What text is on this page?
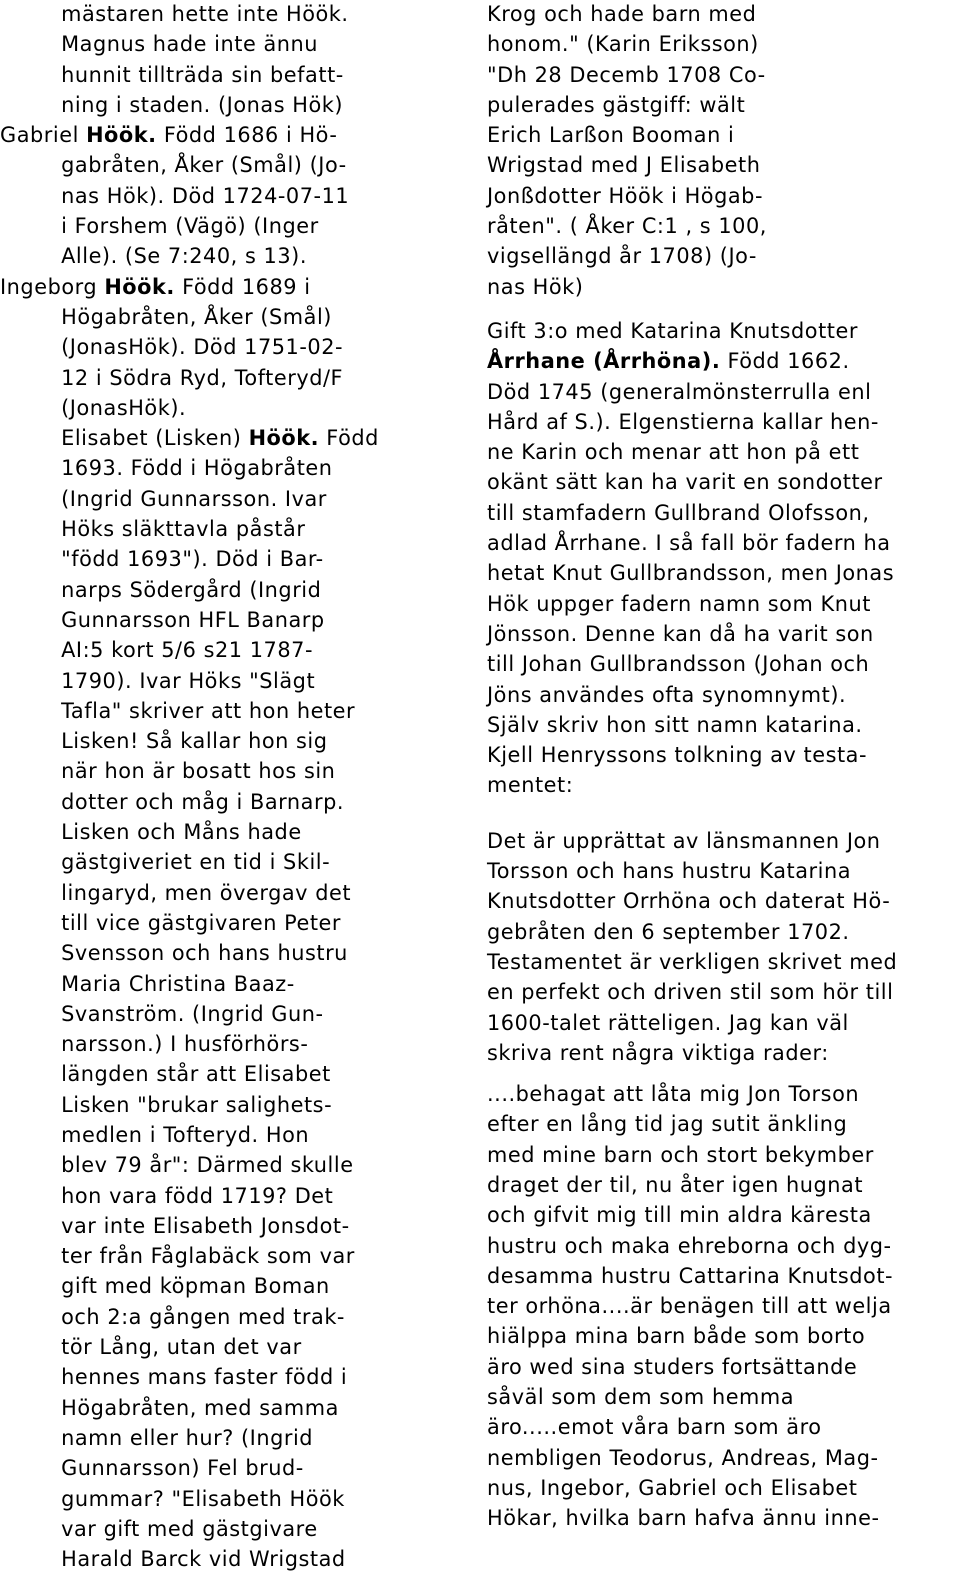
mästaren hette inte Höök.
Magnus hade inte ännu
hunnit tillträda sin befatt-
ning i staden. (Jonas Hök)
Gabriel Höök. Född 1686 i Hö-
gabråten, Åker (Smål) (Jo-
nas Hök). Död 1724-07-11
i Forshem (Vägö) (Inger
Alle). (Se 7:240, s 13).
Ingeborg Höök. Född 1689 i
Högabråten, Åker (Smål)
(JonasHök). Död 1751-02-
12 i Södra Ryd, Tofteryd/F
(JonasHök).
Elisabet (Lisken) Höök. Född
1693. Född i Högabråten
(Ingrid Gunnarsson. Ivar
Höks släkttavla påstår
"född 1693"). Död i Bar-
narps Södergård (Ingrid
Gunnarsson HFL Banarp
AI:5 kort 5/6 s21 1787-
1790). Ivar Höks "Slägt
Tafla" skriver att hon heter
Lisken! Så kallar hon sig
när hon är bosatt hos sin
dotter och måg i Barnarp.
Lisken och Måns hade
gästgiveriet en tid i Skil-
lingaryd, men övergav det
till vice gästgivaren Peter
Svensson och hans hustru
Maria Christina Baaz-
Svanström. (Ingrid Gun-
narsson.) I husförhörs-
längden står att Elisabet
Lisken "brukar salighets-
medlen i Tofteryd. Hon
blev 79 år": Därmed skulle
hon vara född 1719? Det
var inte Elisabeth Jonsdot-
ter från Fåglabäck som var
gift med köpman Boman
och 2:a gången med trak-
tör Lång, utan det var
hennes mans faster född i
Högabråten, med samma
namn eller hur? (Ingrid
Gunnarsson) Fel brud-
gummar? "Elisabeth Höök
var gift med gästgivare
Harald Barck vid Wrigstad
Krog och hade barn med
honom." (Karin Eriksson)
"Dh 28 Decemb 1708 Co-
pulerades gästgiff: wält
Erich Larßon Booman i
Wrigstad med J Elisabeth
Jonßdotter Höök i Högab-
råten". ( Åker C:1 , s 100,
vigsellängd år 1708) (Jo-
nas Hök)
Gift 3:o med Katarina Knutsdotter
Årrhane (Årrhöna). Född 1662.
Död 1745 (generalmönsterrulla enl
Hård af S.). Elgenstierna kallar hen-
ne Karin och menar att hon på ett
okänt sätt kan ha varit en sondotter
till stamfadern Gullbrand Olofsson,
adlad Årrhane. I så fall bör fadern ha
hetat Knut Gullbrandsson, men Jonas
Hök uppger fadern namn som Knut
Jönsson. Denne kan då ha varit son
till Johan Gullbrandsson (Johan och
Jöns användes ofta synomnymt).
Själv skriv hon sitt namn katarina.
Kjell Henryssons tolkning av testa-
mentet:
Det är upprättat av länsmannen Jon
Torsson och hans hustru Katarina
Knutsdotter Orrhöna och daterat Hö-
gebråten den 6 september 1702.
Testamentet är verkligen skrivet med
en perfekt och driven stil som hör till
1600-talet rätteligen. Jag kan väl
skriva rent några viktiga rader:
....behagat att låta mig Jon Torson
efter en lång tid jag sutit änkling
med mine barn och stort bekymber
draget der til, nu åter igen hugnat
och gifvit mig till min aldra kärеsta
hustru och maka ehreborna och dyg-
desamma hustru Cattarina Knutsdot-
ter orhöna....är benägen till att welja
hiälppa mina barn både som borto
äro wed sina studers fortsättande
såväl som dem som hemma
äro.....emot våra barn som äro
nembligen Teodorus, Andreas, Mag-
nus, Ingebor, Gabriel och Elisabet
Hökar, hvilka barn hafva ännu inne-
